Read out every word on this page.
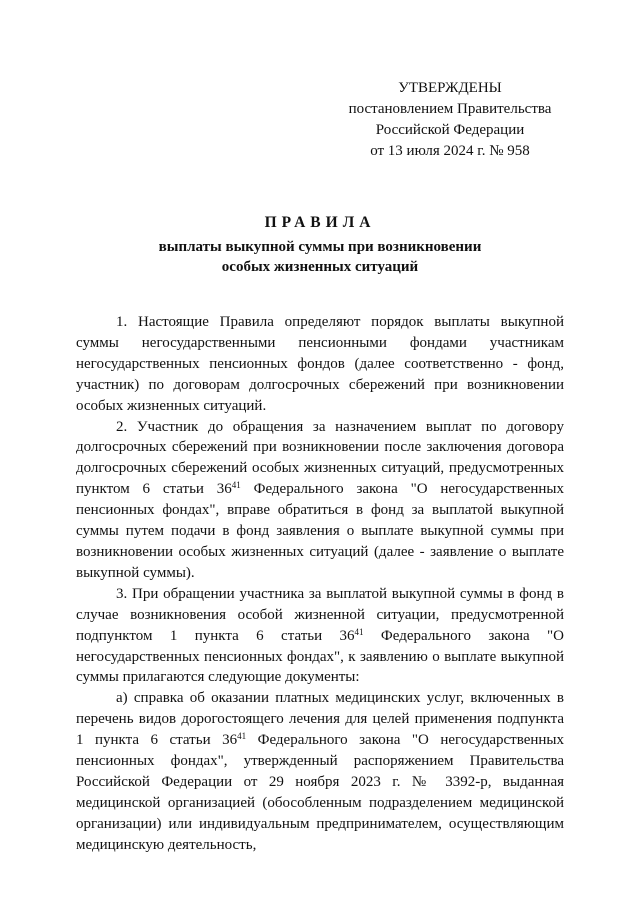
УТВЕРЖДЕНЫ
постановлением Правительства
Российской Федерации
от 13 июля 2024 г. № 958
ПРАВИЛА
выплаты выкупной суммы при возникновении
особых жизненных ситуаций

1. Настоящие Правила определяют порядок выплаты выкупной суммы негосударственными пенсионными фондами участникам негосударственных пенсионных фондов (далее соответственно - фонд, участник) по договорам долгосрочных сбережений при возникновении особых жизненных ситуаций.

2. Участник до обращения за назначением выплат по договору долгосрочных сбережений при возникновении после заключения договора долгосрочных сбережений особых жизненных ситуаций, предусмотренных пунктом 6 статьи $36^{41}$ Федерального закона "О негосударственных пенсионных фондах", вправе обратиться в фонд за выплатой выкупной суммы путем подачи в фонд заявления о выплате выкупной суммы при возникновении особых жизненных ситуаций (далее - заявление о выплате выкупной суммы).

3. При обращении участника за выплатой выкупной суммы в фонд в случае возникновения особой жизненной ситуации, предусмотренной подпунктом 1 пункта 6 статьи $36^{41}$ Федерального закона "О негосударственных пенсионных фондах", к заявлению о выплате выкупной суммы прилагаются следующие документы:

а) справка об оказании платных медицинских услуг, включенных в перечень видов дорогостоящего лечения для целей применения подпункта 1 пункта 6 статьи $36^{41}$ Федерального закона "О негосударственных пенсионных фондах", утвержденный распоряжением Правительства Российской Федерации от 29 ноября 2023 г. № 3392-р, выданная медицинской организацией (обособленным подразделением медицинской организации) или индивидуальным предпринимателем, осуществляющим медицинскую деятельность,
